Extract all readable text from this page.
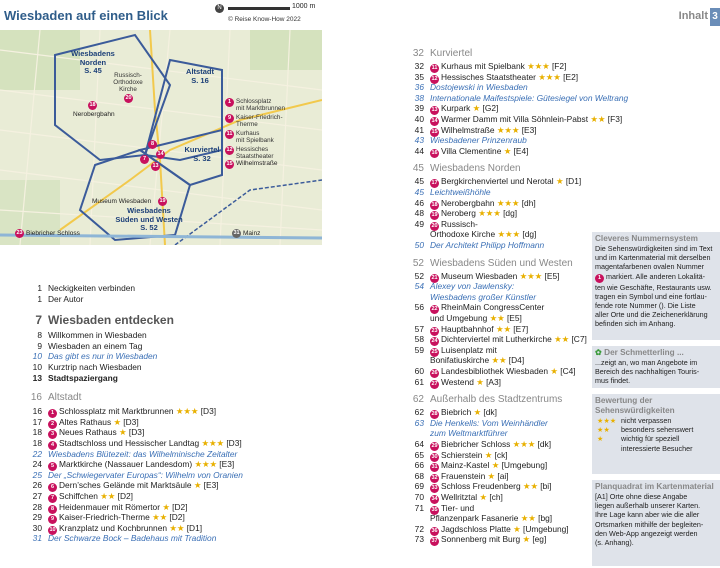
Inhalt 3
Wiesbaden auf einen Blick	N	1000 m
© Reise Know-How 2022
Wiesbadens
Norden
S. 45	Altstadt
S. 16
Kurviertel
S. 32
Wiesbadens
Süden und Westen
S. 52
Russisch-
Orthodoxe
Kirche
20
18
Nerobergbahn
1 Schlossplatz
mit Marktbrunnen
9 Kaiser-Friedrich-
Therme
11 Kurhaus
mit Spielbank
12 Hessisches
Staatstheater
15 Wilhelmstraße
7
13
14
8
Museum Wiesbaden 19
23 Biebricher Schloss	31 Mainz
1 Neckigkeiten verbinden
1 Der Autor
7 Wiesbaden entdecken
8 Willkommen in Wiesbaden
9 Wiesbaden an einem Tag
10 Das gibt es nur in Wiesbaden
10 Kurztrip nach Wiesbaden
13 Stadtspaziergang
16 Altstadt
16	1 Schlossplatz mit Marktbrunnen ★★★ [D3]
17	2 Altes Rathaus ★ [D3]
18	3 Neues Rathaus ★ [D3]
18	4 Stadtschloss und Hessischer Landtag ★★★ [D3]
22 Wiesbadens Blütezeit: das Wilhelminische Zeitalter
24	5 Marktkirche (Nassauer Landesdom) ★★★ [E3]
25 Der „Schwiegervater Europas“: Wilhelm von Oranien
26	6 Dern’sches Gelände mit Marktsäule ★ [E3]
27	7 Schiffchen ★★ [D2]
28	8 Heidenmauer mit Römertor ★ [D2]
29	9 Kaiser-Friedrich-Therme ★★ [D2]
30 10 Kranzplatz und Kochbrunnen ★★ [D1]
31 Der Schwarze Bock – Badehaus mit Tradition
32 Kurviertel
32 11 Kurhaus mit Spielbank ★★★ [F2]
35 12 Hessisches Staatstheater ★★★ [E2]
36 Dostojewski in Wiesbaden
38 Internationale Maifestspiele: Gütesiegel von Weltrang
39 13 Kurpark ★ [G2]
40 14 Warmer Damm mit Villa Söhnlein-Pabst ★★ [F3]
41 15 Wilhelmstraße ★★★ [E3]
43 Wiesbadener Prinzenraub
44 16 Villa Clementine ★ [E4]
45 Wiesbadens Norden
45 17 Bergkirchenviertel und Nerotal ★ [D1]
45 Leichtweißhöhle
46 18 Nerobergbahn ★★★ [dh]
48 19 Neroberg ★★★ [dg]
49 20 Russisch-
Orthodoxe Kirche ★★★ [dg]
50 Der Architekt Philipp Hoffmann
52 Wiesbadens Süden und Westen
52 21 Museum Wiesbaden ★★★ [E5]
54 Alexey von Jawlensky:
Wiesbadens großer Künstler
56 22 RheinMain CongressCenter
und Umgebung ★★ [E5]
57 23 Hauptbahnhof ★★ [E7]
58 24 Dichterviertel mit Lutherkirche ★★ [C7]
59 25 Luisenplatz mit
Bonifatiuskirche ★★ [D4]
60 26 Landesbibliothek Wiesbaden ★ [C4]
61 27 Westend ★ [A3]
62 Außerhalb des Stadtzentrums
62 28 Biebrich ★ [dk]
63 Die Henkells: Vom Weinhändler
zum Weltmarktführer
64 29 Biebricher Schloss ★★★ [dk]
65 30 Schierstein ★ [ck]
66 31 Mainz-Kastel ★ [Umgebung]
68 32 Frauenstein ★ [ai]
69 33 Schloss Freudenberg ★★ [bi]
70 34 Wellritztal ★ [ch]
71 35 Tier- und
Pflanzenpark Fasanerie ★★ [bg]
72 36 Jagdschloss Platte ★ [Umgebung]
73 37 Sonnenberg mit Burg ★ [eg]
Cleveres Nummernsystem
Die Sehenswürdigkeiten sind im Text
und im Kartenmaterial mit derselben
magentafarbenen ovalen Nummer
1 markiert. Alle anderen Lokalitä-
ten wie Geschäfte, Restaurants usw.
tragen ein Symbol und eine fortlau-
fende rote Nummer (). Die Liste
aller Orte und die Zeichenerklärung
befinden sich im Anhang.
✿ Der Schmetterling ...
...zeigt an, wo man Angebote im
Bereich des nachhaltigen Touris-
mus findet.
Bewertung der
Sehenswürdigkeiten
★★★ nicht verpassen
★★ besonders sehenswert
★ wichtig für speziell
interessierte Besucher
Planquadrat im Kartenmaterial
[A1] Orte ohne diese Angabe
liegen außerhalb unserer Karten.
Ihre Lage kann aber wie die aller
Ortsmarken mithilfe der begleiten-
den Web-App angezeigt werden
(s. Anhang).
